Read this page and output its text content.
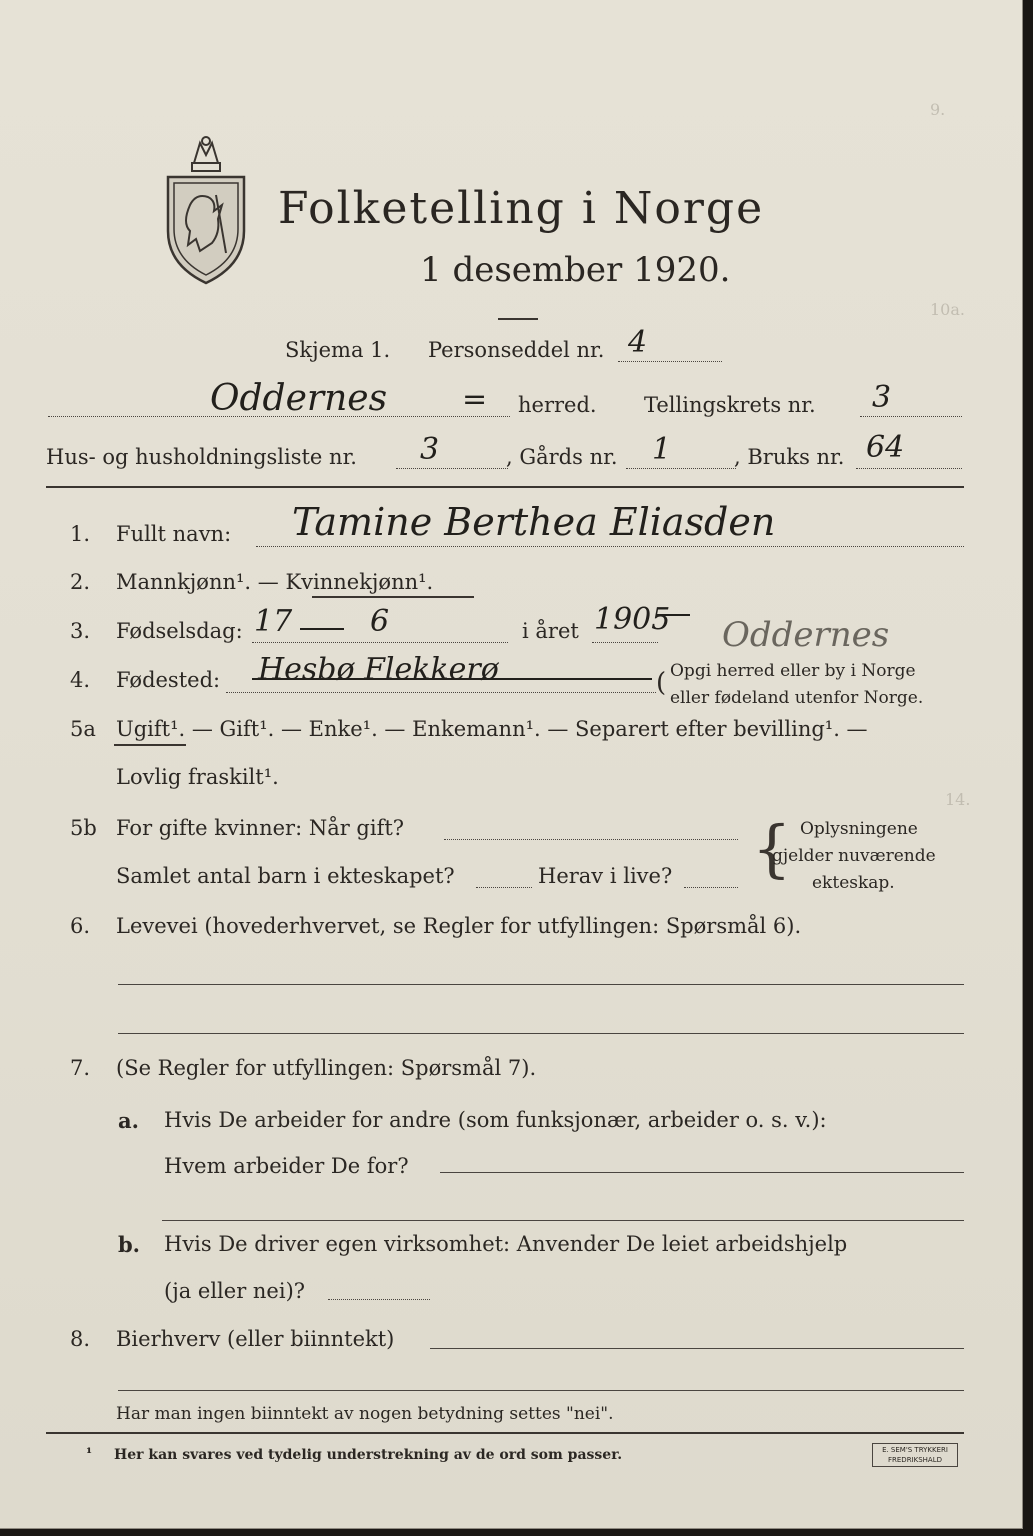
9.
10a.
14.
Folketelling i Norge
1 desember 1920.
Skjema 1. Personseddel nr. 4
Oddernes = herred. Tellingskrets nr. 3
Hus- og husholdningsliste nr. 3	, Gårds nr. 1	, Bruks nr. 64
1. Fullt navn: Tamine Berthea Eliasden
2. Mannkjønn¹. — Kvinnekjønn¹.
3. Fødselsdag: 17	6	i året 1905
4. Fødested: Hesbø Flekkerø
Oddernes
Opgi herred eller by i Norge
eller fødeland utenfor Norge.
(
5a Ugift¹. — Gift¹. — Enke¹. — Enkemann¹. — Separert efter bevilling¹. —
Lovlig fraskilt¹.
5b For gifte kvinner: Når gift?
Samlet antal barn i ekteskapet?	Herav i live? { Oplysningene
gjelder nuværende
ekteskap.
6. Levevei (hovederhvervet, se Regler for utfyllingen: Spørsmål 6).
7. (Se Regler for utfyllingen: Spørsmål 7).
a. Hvis De arbeider for andre (som funksjonær, arbeider o. s. v.):
Hvem arbeider De for?
b. Hvis De driver egen virksomhet: Anvender De leiet arbeidshjelp
(ja eller nei)?
8. Bierhverv (eller biinntekt)
Har man ingen biinntekt av nogen betydning settes "nei".
¹ Her kan svares ved tydelig understrekning av de ord som passer.	E. SEM'S TRYKKERI FREDRIKSHALD
